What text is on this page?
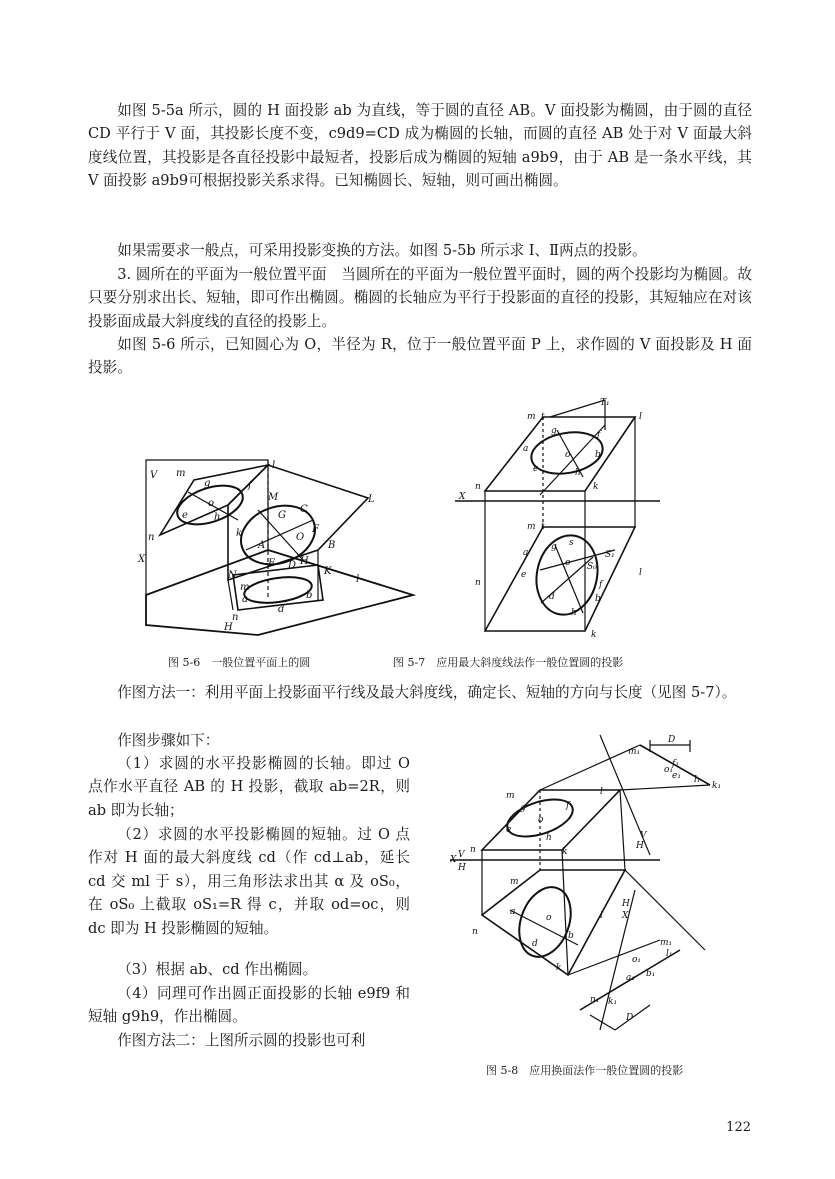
如图 5-5a 所示，圆的 H 面投影 ab 为直线，等于圆的直径 AB。V 面投影为椭圆，由于圆的直径 CD 平行于 V 面，其投影长度不变，c9d9=CD 成为椭圆的长轴，而圆的直径 AB 处于对 V 面最大斜度线位置，其投影是各直径投影中最短者，投影后成为椭圆的短轴 a9b9，由于 AB 是一条水平线，其 V 面投影 a9b9可根据投影关系求得。已知椭圆长、短轴，则可画出椭圆。

如果需要求一般点，可采用投影变换的方法。如图 5-5b 所示求 Ⅰ、Ⅱ两点的投影。

3. 圆所在的平面为一般位置平面　当圆所在的平面为一般位置平面时，圆的两个投影均为椭圆。故只要分别求出长、短轴，即可作出椭圆。椭圆的长轴应为平行于投影面的直径的投影，其短轴应在对该投影面成最大斜度线的直径的投影上。

如图 5-6 所示，已知圆心为 O，半径为 R，位于一般位置平面 P 上，求作圆的 V 面投影及 H 面投影。

V m
l
L
g	f
o
e	h
M
G
C
O
F
n	k
A	B
X	E D H
K
N
m
a	b
l
d
n
H
T₁
m t	l
g	f
a
o	b
e	h
n	k
X
m t
g s
S₁
a
o S₀
e	l
n
d
f
h
b
k
图 5-6　一般位置平面上的圆	图 5-7　应用最大斜度线法作一般位置圆的投影

作图方法一：利用平面上投影面平行线及最大斜度线，确定长、短轴的方向与长度（见图 5-7）。

作图步骤如下：

（1）求圆的水平投影椭圆的长轴。即过 O 点作水平直径 AB 的 H 投影，截取 ab=2R，则 ab 即为长轴；

（2）求圆的水平投影椭圆的短轴。过 O 点作对 H 面的最大斜度线 cd（作 cd⊥ab，延长 cd 交 ml 于 s），用三角形法求出其 α 及 oS₀，在 oS₀ 上截取 oS₁=R 得 c，并取 od=oc，则 dc 即为 H 投影椭圆的短轴。

（3）根据 ab、cd 作出椭圆。

（4）同理可作出圆正面投影的长轴 e9f9 和短轴 g9h9，作出椭圆。

作图方法二：上图所示圆的投影也可利

D
m₁
o₁
f₁
e₁ l₁
k₁
m
g	f
l
o
e
h
k
n
X V
H
H
V
m
a
o
b
l
n
d
k
H
X
m₁
o₁
a₁ b₁
n₁ k₁
l₁
D
图 5-8　应用换面法作一般位置圆的投影
122
